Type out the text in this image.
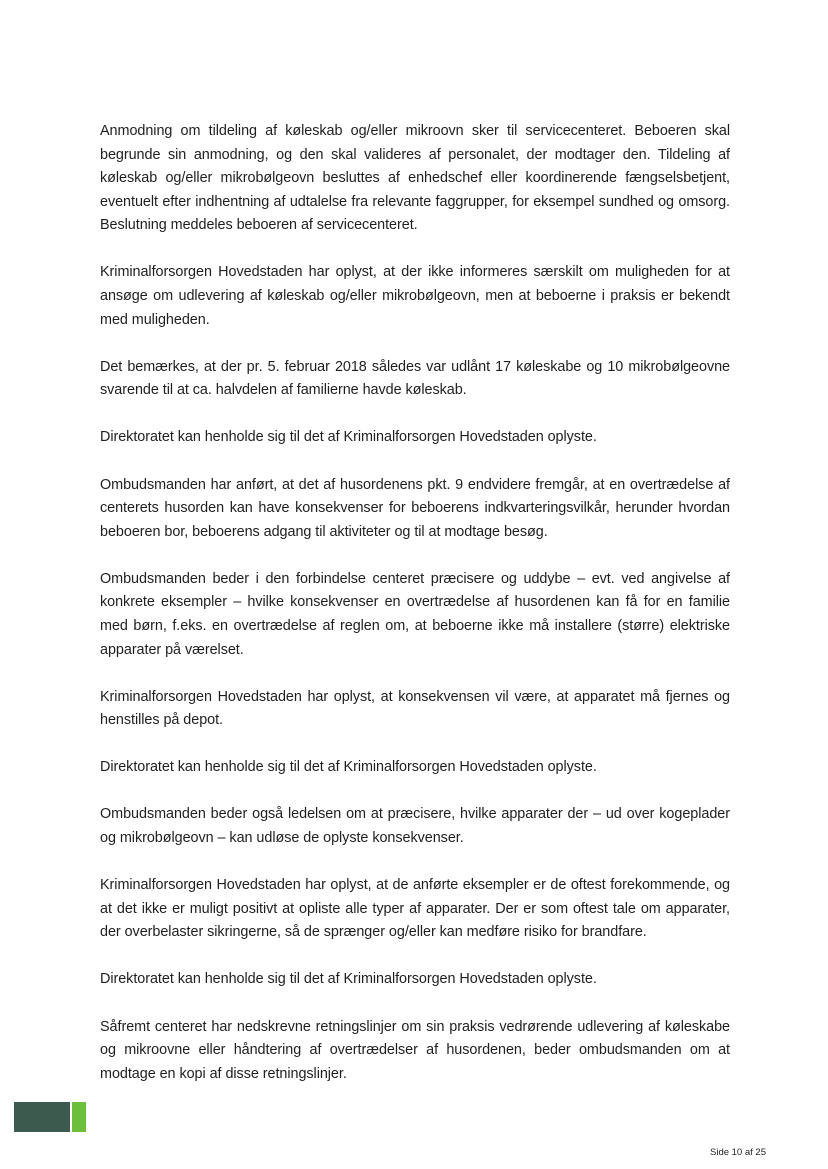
Anmodning om tildeling af køleskab og/eller mikroovn sker til servicecenteret. Beboeren skal begrunde sin anmodning, og den skal valideres af personalet, der modtager den. Tildeling af køleskab og/eller mikrobølgeovn besluttes af enhedschef eller koordinerende fængselsbetjent, eventuelt efter indhentning af udtalelse fra relevante faggrupper, for eksempel sundhed og omsorg. Beslutning meddeles beboeren af servicecenteret.

Kriminalforsorgen Hovedstaden har oplyst, at der ikke informeres særskilt om muligheden for at ansøge om udlevering af køleskab og/eller mikrobølgeovn, men at beboerne i praksis er bekendt med muligheden.

Det bemærkes, at der pr. 5. februar 2018 således var udlånt 17 køleskabe og 10 mikrobølgeovne svarende til at ca. halvdelen af familierne havde køleskab.

Direktoratet kan henholde sig til det af Kriminalforsorgen Hovedstaden oplyste.

Ombudsmanden har anført, at det af husordenens pkt. 9 endvidere fremgår, at en overtrædelse af centerets husorden kan have konsekvenser for beboerens indkvarteringsvilkår, herunder hvordan beboeren bor, beboerens adgang til aktiviteter og til at modtage besøg.

Ombudsmanden beder i den forbindelse centeret præcisere og uddybe – evt. ved angivelse af konkrete eksempler – hvilke konsekvenser en overtrædelse af husordenen kan få for en familie med børn, f.eks. en overtrædelse af reglen om, at beboerne ikke må installere (større) elektriske apparater på værelset.

Kriminalforsorgen Hovedstaden har oplyst, at konsekvensen vil være, at apparatet må fjernes og henstilles på depot.

Direktoratet kan henholde sig til det af Kriminalforsorgen Hovedstaden oplyste.

Ombudsmanden beder også ledelsen om at præcisere, hvilke apparater der – ud over kogeplader og mikrobølgeovn – kan udløse de oplyste konsekvenser.

Kriminalforsorgen Hovedstaden har oplyst, at de anførte eksempler er de oftest forekommende, og at det ikke er muligt positivt at opliste alle typer af apparater. Der er som oftest tale om apparater, der overbelaster sikringerne, så de sprænger og/eller kan medføre risiko for brandfare.

Direktoratet kan henholde sig til det af Kriminalforsorgen Hovedstaden oplyste.

Såfremt centeret har nedskrevne retningslinjer om sin praksis vedrørende udlevering af køleskabe og mikroovne eller håndtering af overtrædelser af husordenen, beder ombudsmanden om at modtage en kopi af disse retningslinjer.

Side 10 af 25
